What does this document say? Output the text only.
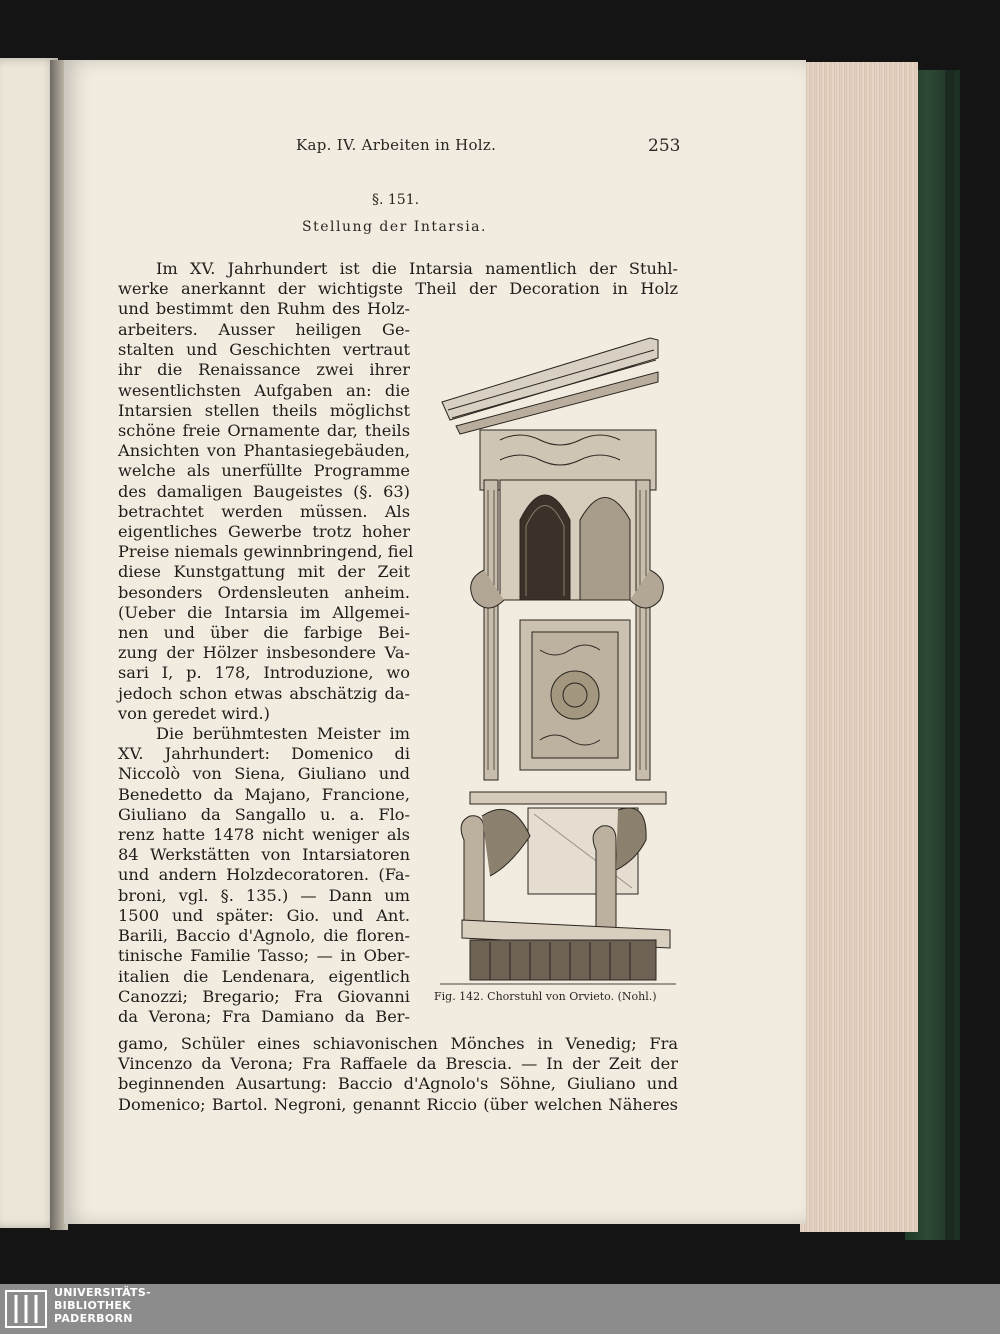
Kap. IV. Arbeiten in Holz.	253
§. 151.
Stellung der Intarsia.
Im XV. Jahrhundert ist die Intarsia namentlich der Stuhl-
werke anerkannt der wichtigste Theil der Decoration in Holz
und bestimmt den Ruhm des Holz-
arbeiters. Ausser heiligen Ge-
stalten und Geschichten vertraut
ihr die Renaissance zwei ihrer
wesentlichsten Aufgaben an: die
Intarsien stellen theils möglichst
schöne freie Ornamente dar, theils
Ansichten von Phantasiegebäuden,
welche als unerfüllte Programme
des damaligen Baugeistes (§. 63)
betrachtet werden müssen. Als
eigentliches Gewerbe trotz hoher
Preise niemals gewinnbringend, fiel
diese Kunstgattung mit der Zeit
besonders Ordensleuten anheim.
(Ueber die Intarsia im Allgemei-
nen und über die farbige Bei-
zung der Hölzer insbesondere Va-
sari I, p. 178, Introduzione, wo
jedoch schon etwas abschätzig da-
von geredet wird.)
Die berühmtesten Meister im
XV. Jahrhundert: Domenico di
Niccolò von Siena, Giuliano und
Benedetto da Majano, Francione,
Giuliano da Sangallo u. a. Flo-
renz hatte 1478 nicht weniger als
84 Werkstätten von Intarsiatoren
und andern Holzdecoratoren. (Fa-
broni, vgl. §. 135.) — Dann um
1500 und später: Gio. und Ant.
Barili, Baccio d'Agnolo, die floren-
tinische Familie Tasso; — in Ober-
italien die Lendenara, eigentlich
Canozzi; Bregario; Fra Giovanni
da Verona; Fra Damiano da Ber-
gamo, Schüler eines schiavonischen Mönches in Venedig; Fra
Vincenzo da Verona; Fra Raffaele da Brescia. — In der Zeit der
beginnenden Ausartung: Baccio d'Agnolo's Söhne, Giuliano und
Domenico; Bartol. Negroni, genannt Riccio (über welchen Näheres
Fig. 142. Chorstuhl von Orvieto. (Nohl.)
UNIVERSITÄTS-
BIBLIOTHEK
PADERBORN
